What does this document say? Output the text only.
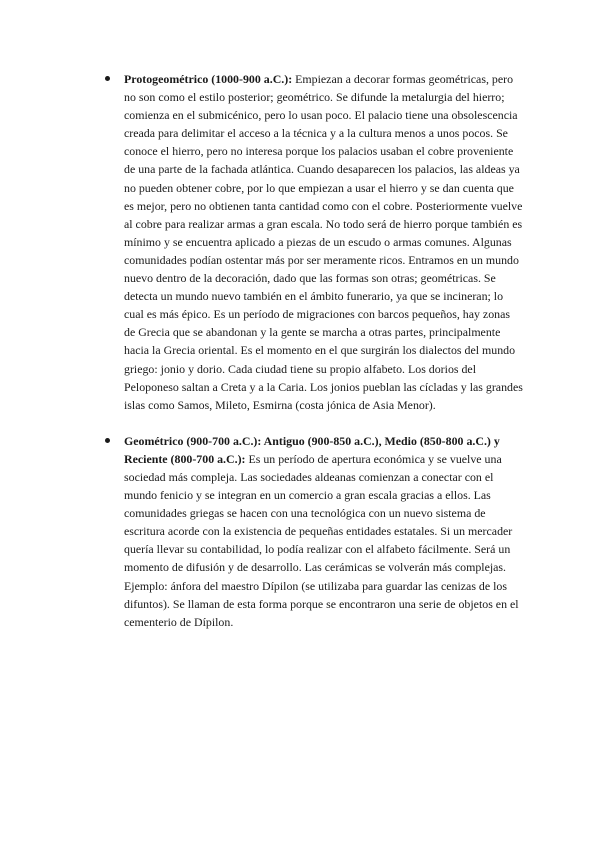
Protogeométrico (1000-900 a.C.): Empiezan a decorar formas geométricas, pero no son como el estilo posterior; geométrico. Se difunde la metalurgia del hierro; comienza en el submicénico, pero lo usan poco. El palacio tiene una obsolescencia creada para delimitar el acceso a la técnica y a la cultura menos a unos pocos. Se conoce el hierro, pero no interesa porque los palacios usaban el cobre proveniente de una parte de la fachada atlántica. Cuando desaparecen los palacios, las aldeas ya no pueden obtener cobre, por lo que empiezan a usar el hierro y se dan cuenta que es mejor, pero no obtienen tanta cantidad como con el cobre. Posteriormente vuelve al cobre para realizar armas a gran escala. No todo será de hierro porque también es mínimo y se encuentra aplicado a piezas de un escudo o armas comunes. Algunas comunidades podían ostentar más por ser meramente ricos. Entramos en un mundo nuevo dentro de la decoración, dado que las formas son otras; geométricas. Se detecta un mundo nuevo también en el ámbito funerario, ya que se incineran; lo cual es más épico. Es un período de migraciones con barcos pequeños, hay zonas de Grecia que se abandonan y la gente se marcha a otras partes, principalmente hacia la Grecia oriental. Es el momento en el que surgirán los dialectos del mundo griego: jonio y dorio. Cada ciudad tiene su propio alfabeto. Los dorios del Peloponeso saltan a Creta y a la Caria. Los jonios pueblan las cícladas y las grandes islas como Samos, Mileto, Esmirna (costa jónica de Asia Menor).
Geométrico (900-700 a.C.): Antiguo (900-850 a.C.), Medio (850-800 a.C.) y Reciente (800-700 a.C.): Es un período de apertura económica y se vuelve una sociedad más compleja. Las sociedades aldeanas comienzan a conectar con el mundo fenicio y se integran en un comercio a gran escala gracias a ellos. Las comunidades griegas se hacen con una tecnológica con un nuevo sistema de escritura acorde con la existencia de pequeñas entidades estatales. Si un mercader quería llevar su contabilidad, lo podía realizar con el alfabeto fácilmente. Será un momento de difusión y de desarrollo. Las cerámicas se volverán más complejas. Ejemplo: ánfora del maestro Dípilon (se utilizaba para guardar las cenizas de los difuntos). Se llaman de esta forma porque se encontraron una serie de objetos en el cementerio de Dípilon.
